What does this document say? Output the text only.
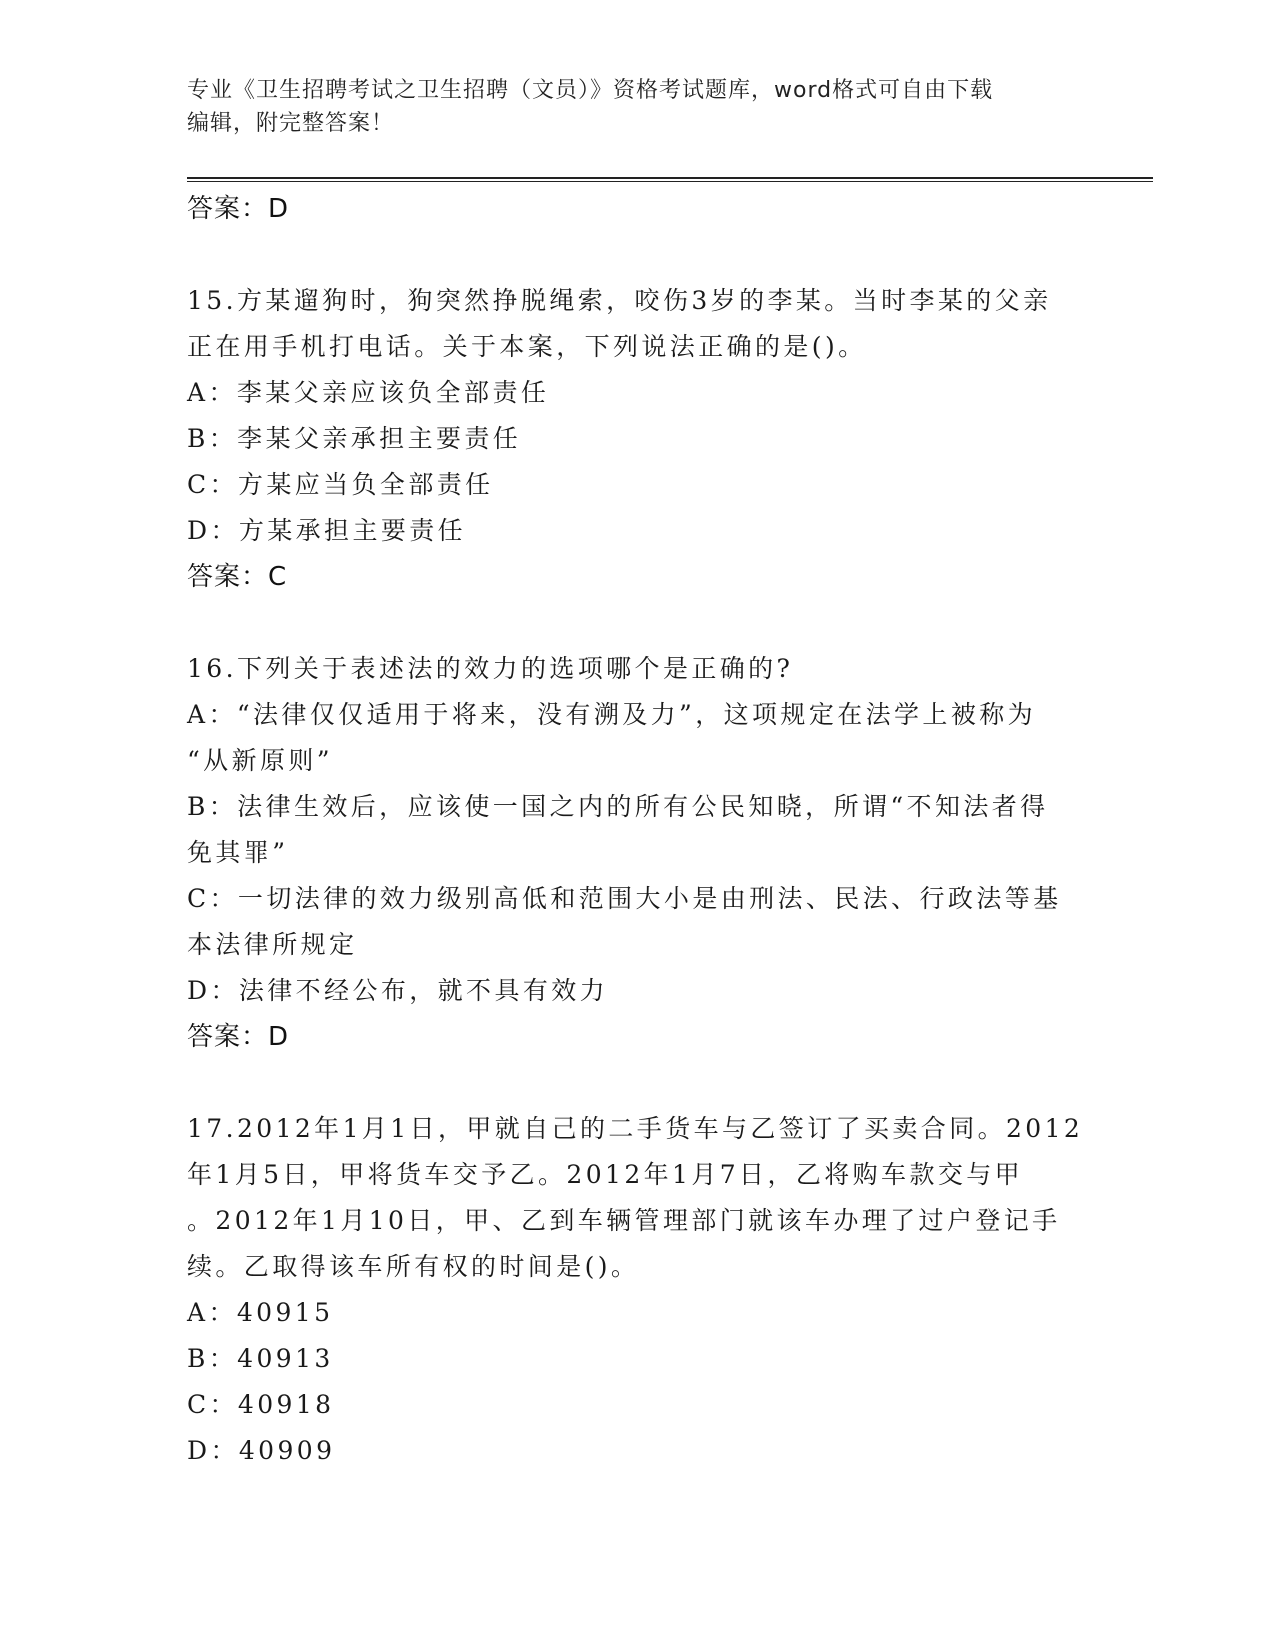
专业《卫生招聘考试之卫生招聘（文员）》资格考试题库，word格式可自由下载
编辑，附完整答案！
答案：D
15.方某遛狗时，狗突然挣脱绳索，咬伤3岁的李某。当时李某的父亲
正在用手机打电话。关于本案，下列说法正确的是()。
A：李某父亲应该负全部责任
B：李某父亲承担主要责任
C：方某应当负全部责任
D：方某承担主要责任
答案：C
16.下列关于表述法的效力的选项哪个是正确的?
A：“法律仅仅适用于将来，没有溯及力”，这项规定在法学上被称为
“从新原则”
B：法律生效后，应该使一国之内的所有公民知晓，所谓“不知法者得
免其罪”
C：一切法律的效力级别高低和范围大小是由刑法、民法、行政法等基
本法律所规定
D：法律不经公布，就不具有效力
答案：D
17.2012年1月1日，甲就自己的二手货车与乙签订了买卖合同。2012
年1月5日，甲将货车交予乙。2012年1月7日，乙将购车款交与甲
。2012年1月10日，甲、乙到车辆管理部门就该车办理了过户登记手
续。乙取得该车所有权的时间是()。
A：40915
B：40913
C：40918
D：40909
